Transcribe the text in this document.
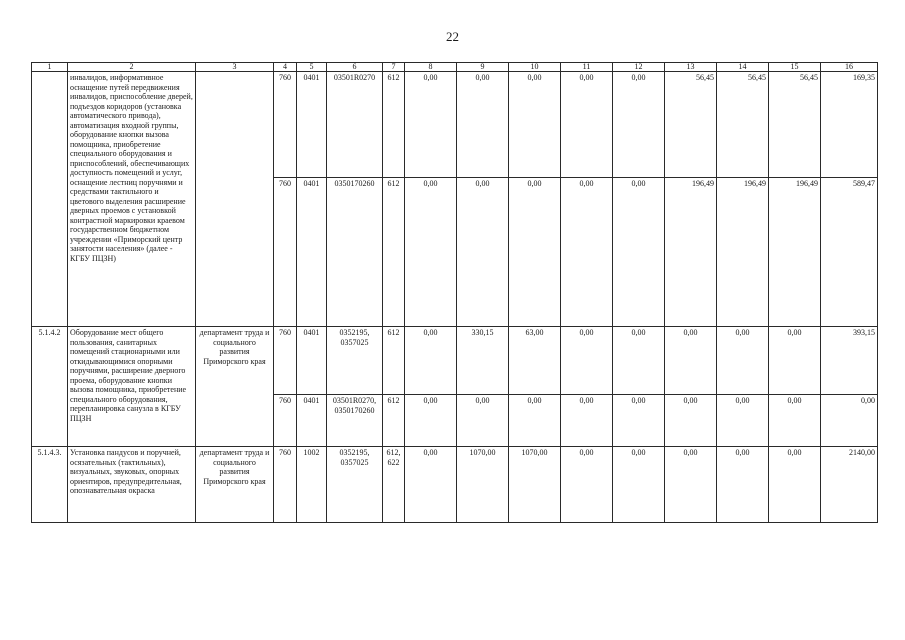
22
1	2	3	4	5	6	7	8	9	10	11	12	13	14	15	16
	инвалидов, информативное оснащение путей передвижения инвалидов, приспособление дверей, подъездов коридоров (установка автоматического привода), автоматизация входной группы, оборудование кнопки вызова помощника, приобретение специального оборудования и приспособлений, обеспечивающих доступность помещений и услуг, оснащение лестниц поручнями и средствами тактильного и цветового выделения расширение дверных проемов с установкой контрастной маркировки краевом государственном бюджетном учреждении «Приморский центр занятости населения» (далее - КГБУ ПЦЗН)		760	0401	03501R0270	612	0,00	0,00	0,00	0,00	0,00	56,45	56,45	56,45	169,35
			760	0401	0350170260	612	0,00	0,00	0,00	0,00	0,00	196,49	196,49	196,49	589,47
5.1.4.2	Оборудование мест общего пользования, санитарных помещений стационарными или откидывающимися опорными поручнями, расширение дверного проема, оборудование кнопки вызова помощника, приобретение специального оборудования, перепланировка санузла в КГБУ ПЦЗН	департамент труда и социального развития Приморского края	760	0401	0352195, 0357025	612	0,00	330,15	63,00	0,00	0,00	0,00	0,00	0,00	393,15
			760	0401	03501R0270, 0350170260	612	0,00	0,00	0,00	0,00	0,00	0,00	0,00	0,00	0,00
5.1.4.3.	Установка пандусов и поручней, осязательных (тактильных), визуальных, звуковых, опорных ориентиров, предупредительная, опознавательная окраска	департамент труда и социального развития Приморского края	760	1002	0352195, 0357025	612, 622	0,00	1070,00	1070,00	0,00	0,00	0,00	0,00	0,00	2140,00
